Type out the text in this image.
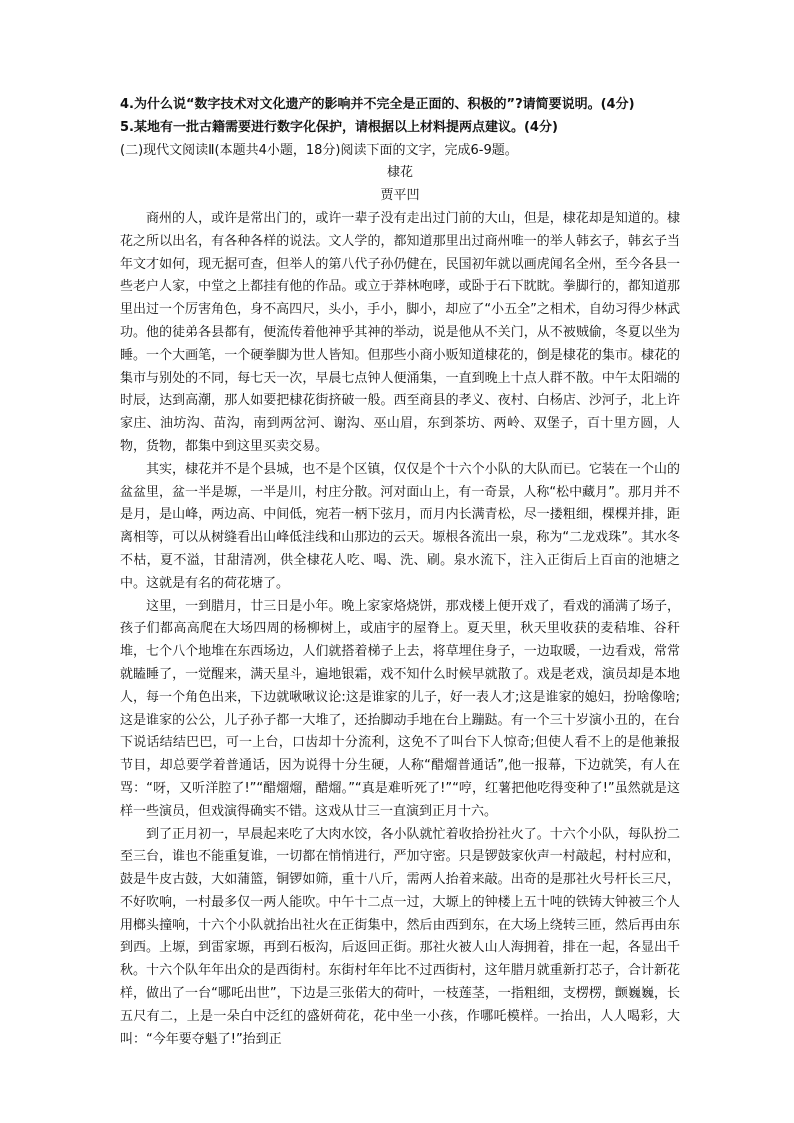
4.为什么说“数字技术对文化遗产的影响并不完全是正面的、积极的”?请简要说明。(4分)

5.某地有一批古籍需要进行数字化保护，请根据以上材料提两点建议。(4分)

(二)现代文阅读Ⅱ(本题共4小题，18分)阅读下面的文字，完成6-9题。

棣花

贾平凹

商州的人，或许是常出门的，或许一辈子没有走出过门前的大山，但是，棣花却是知道的。棣花之所以出名，有各种各样的说法。文人学的，都知道那里出过商州唯一的举人韩玄子，韩玄子当年文才如何，现无据可查，但举人的第八代子孙仍健在，民国初年就以画虎闻名全州，至今各县一些老户人家，中堂之上都挂有他的作品。或立于莽林咆哮，或卧于石下眈眈。拳脚行的，都知道那里出过一个厉害角色，身不高四尺，头小，手小，脚小，却应了“小五全”之相术，自幼习得少林武功。他的徒弟各县都有，便流传着他神乎其神的举动，说是他从不关门，从不被贼偷，冬夏以坐为睡。一个大画笔，一个硬拳脚为世人皆知。但那些小商小贩知道棣花的，倒是棣花的集市。棣花的集市与别处的不同，每七天一次，早晨七点钟人便涌集，一直到晚上十点人群不散。中午太阳端的时辰，达到高潮，那人如要把棣花街挤破一般。西至商县的孝义、夜村、白杨店、沙河子，北上许家庄、油坊沟、苗沟，南到两岔河、谢沟、巫山眉，东到茶坊、两岭、双堡子，百十里方圆，人物，货物，都集中到这里买卖交易。

其实，棣花并不是个县城，也不是个区镇，仅仅是个十六个小队的大队而已。它装在一个山的盆盆里，盆一半是塬，一半是川，村庄分散。河对面山上，有一奇景，人称“松中藏月”。那月并不是月，是山峰，两边高、中间低，宛若一柄下弦月，而月内长满青松，尽一搂粗细，棵棵并排，距离相等，可以从树缝看出山峰低洼线和山那边的云天。塬根各流出一泉，称为“二龙戏珠”。其水冬不枯，夏不溢，甘甜清冽，供全棣花人吃、喝、洗、刷。泉水流下，注入正街后上百亩的池塘之中。这就是有名的荷花塘了。

这里，一到腊月，廿三日是小年。晚上家家烙烧饼，那戏楼上便开戏了，看戏的涌满了场子，孩子们都高高爬在大场四周的杨柳树上，或庙宇的屋脊上。夏天里，秋天里收获的麦秸堆、谷秆堆，七个八个地堆在东西场边，人们就搭着梯子上去，将草埋住身子，一边取暖，一边看戏，常常就瞌睡了，一觉醒来，满天星斗，遍地银霜，戏不知什么时候早就散了。戏是老戏，演员却是本地人，每一个角色出来，下边就啾啾议论:这是谁家的儿子，好一表人才;这是谁家的媳妇，扮啥像啥;这是谁家的公公，儿子孙子都一大堆了，还抬脚动手地在台上蹦跶。有一个三十岁演小丑的，在台下说话结结巴巴，可一上台，口齿却十分流利，这免不了叫台下人惊奇;但使人看不上的是他兼报节目，却总要学着普通话，因为说得十分生硬，人称“醋熘普通话”,他一报幕，下边就笑，有人在骂：“呀，又听洋腔了!”“醋熘熘，醋熘。”“真是难听死了!”“哼，红薯把他吃得变种了!”虽然就是这样一些演员，但戏演得确实不错。这戏从廿三一直演到正月十六。

到了正月初一，早晨起来吃了大肉水饺，各小队就忙着收拾扮社火了。十六个小队，每队扮二至三台，谁也不能重复谁，一切都在悄悄进行，严加守密。只是锣鼓家伙声一村敲起，村村应和，鼓是牛皮古鼓，大如蒲篮，铜锣如筛，重十八斤，需两人抬着来敲。出奇的是那社火号杆长三尺，不好吹响，一村最多仅一两人能吹。中午十二点一过，大塬上的钟楼上五十吨的铁铸大钟被三个人用榔头撞响，十六个小队就抬出社火在正街集中，然后由西到东，在大场上绕转三匝，然后再由东到西。上塬，到雷家塬，再到石板沟，后返回正街。那社火被人山人海拥着，排在一起，各显出千秋。十六个队年年出众的是西街村。东街村年年比不过西街村，这年腊月就重新打芯子，合计新花样，做出了一台“哪吒出世”，下边是三张偌大的荷叶，一枝莲茎，一指粗细，支楞楞，颤巍巍，长五尺有二，上是一朵白中泛红的盛妍荷花，花中坐一小孩，作哪吒模样。一抬出，人人喝彩，大叫：“今年要夺魁了!”抬到正
